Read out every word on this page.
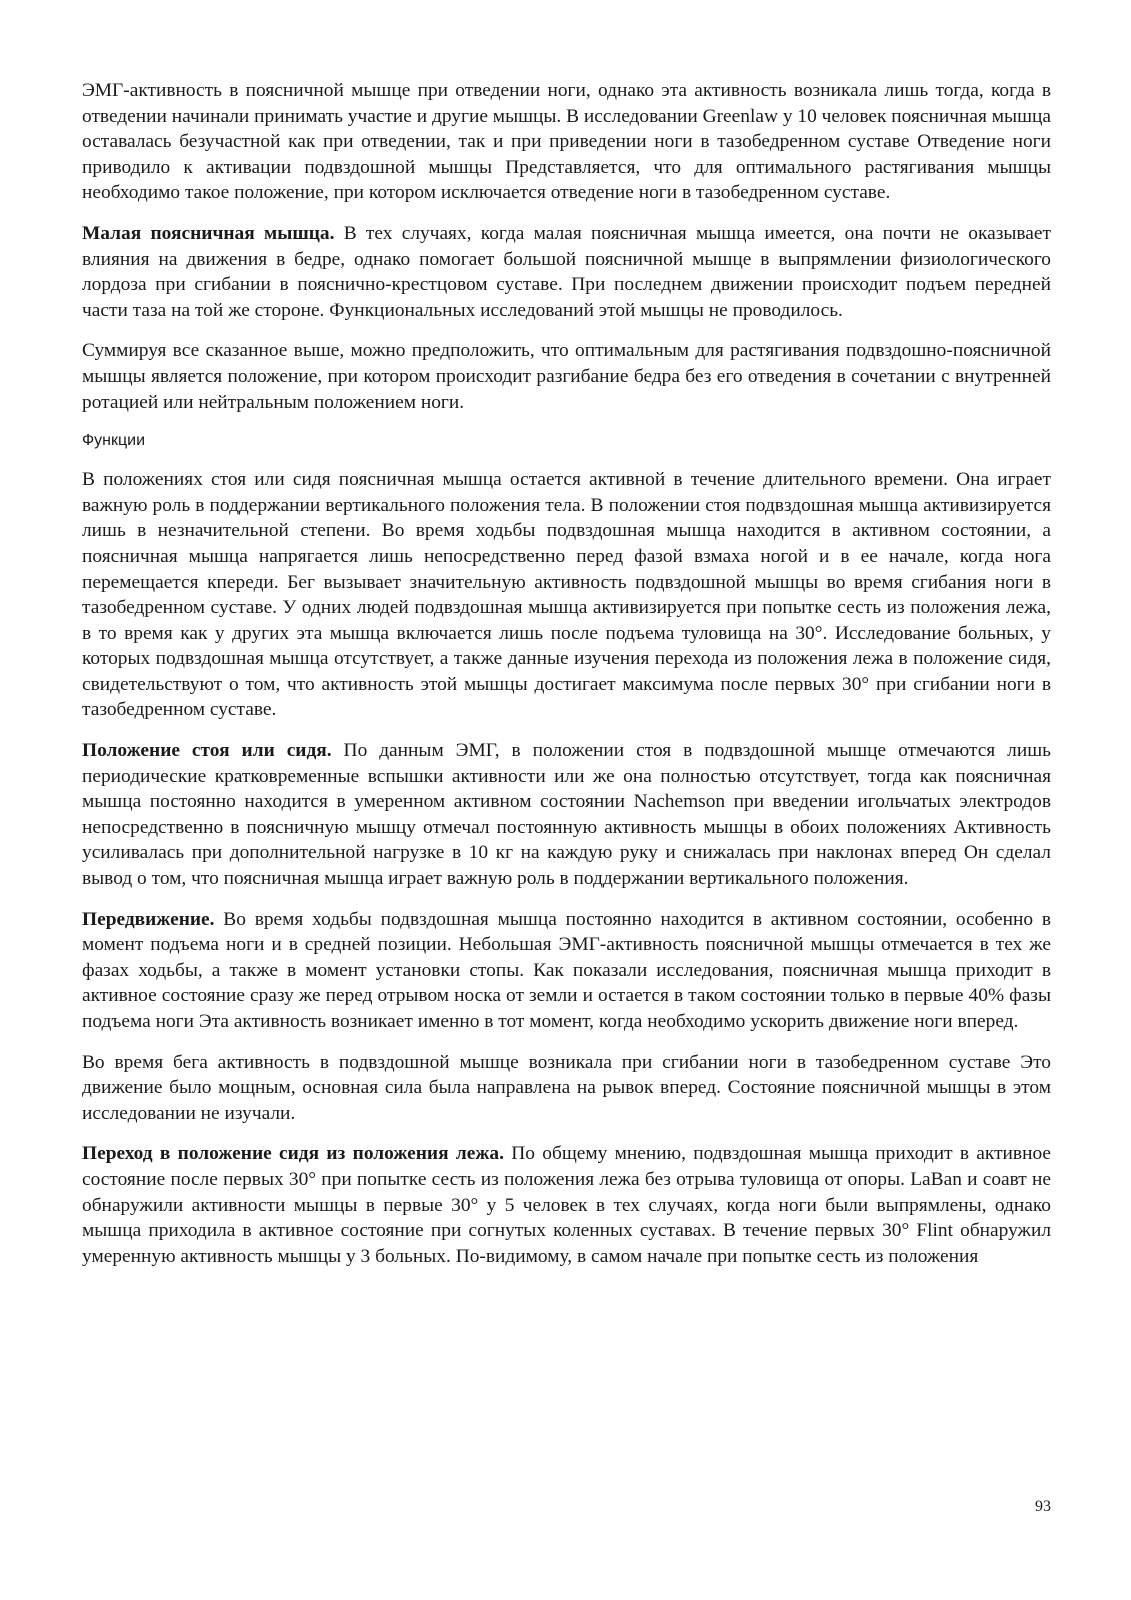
ЭМГ-активность в поясничной мышце при отведении ноги, однако эта активность возникала лишь тогда, когда в отведении начинали принимать участие и другие мышцы. В исследовании Greenlaw у 10 человек поясничная мышца оставалась безучастной как при отведении, так и при приведении ноги в тазобедренном суставе Отведение ноги приводило к активации подвздошной мышцы Представляется, что для оптимального растягивания мышцы необходимо такое положение, при котором исключается отведение ноги в тазобедренном суставе.

Малая поясничная мышца. В тех случаях, когда малая поясничная мышца имеется, она почти не оказывает влияния на движения в бедре, однако помогает большой поясничной мышце в выпрямлении физиологического лордоза при сгибании в пояснично-крестцовом суставе. При последнем движении происходит подъем передней части таза на той же стороне. Функциональных исследований этой мышцы не проводилось.

Суммируя все сказанное выше, можно предположить, что оптимальным для растягивания подвздошно-поясничной мышцы является положение, при котором происходит разгибание бедра без его отведения в сочетании с внутренней ротацией или нейтральным положением ноги.

Функции

В положениях стоя или сидя поясничная мышца остается активной в течение длительного времени. Она играет важную роль в поддержании вертикального положения тела. В положении стоя подвздошная мышца активизируется лишь в незначительной степени. Во время ходьбы подвздошная мышца находится в активном состоянии, а поясничная мышца напрягается лишь непосредственно перед фазой взмаха ногой и в ее начале, когда нога перемещается кпереди. Бег вызывает значительную активность подвздошной мышцы во время сгибания ноги в тазобедренном суставе. У одних людей подвздошная мышца активизируется при попытке сесть из положения лежа, в то время как у других эта мышца включается лишь после подъема туловища на 30°. Исследование больных, у которых подвздошная мышца отсутствует, а также данные изучения перехода из положения лежа в положение сидя, свидетельствуют о том, что активность этой мышцы достигает максимума после первых 30° при сгибании ноги в тазобедренном суставе.

Положение стоя или сидя. По данным ЭМГ, в положении стоя в подвздошной мышце отмечаются лишь периодические кратковременные вспышки активности или же она полностью отсутствует, тогда как поясничная мышца постоянно находится в умеренном активном состоянии Nachemson при введении игольчатых электродов непосредственно в поясничную мышцу отмечал постоянную активность мышцы в обоих положениях Активность усиливалась при дополнительной нагрузке в 10 кг на каждую руку и снижалась при наклонах вперед Он сделал вывод о том, что поясничная мышца играет важную роль в поддержании вертикального положения.

Передвижение. Во время ходьбы подвздошная мышца постоянно находится в активном состоянии, особенно в момент подъема ноги и в средней позиции. Небольшая ЭМГ-активность поясничной мышцы отмечается в тех же фазах ходьбы, а также в момент установки стопы. Как показали исследования, поясничная мышца приходит в активное состояние сразу же перед отрывом носка от земли и остается в таком состоянии только в первые 40% фазы подъема ноги Эта активность возникает именно в тот момент, когда необходимо ускорить движение ноги вперед.

Во время бега активность в подвздошной мышце возникала при сгибании ноги в тазобедренном суставе Это движение было мощным, основная сила была направлена на рывок вперед. Состояние поясничной мышцы в этом исследовании не изучали.

Переход в положение сидя из положения лежа. По общему мнению, подвздошная мышца приходит в активное состояние после первых 30° при попытке сесть из положения лежа без отрыва туловища от опоры. LaBan и соавт не обнаружили активности мышцы в первые 30° у 5 человек в тех случаях, когда ноги были выпрямлены, однако мышца приходила в активное состояние при согнутых коленных суставах. В течение первых 30° Flint обнаружил умеренную активность мышцы у 3 больных. По-видимому, в самом начале при попытке сесть из положения

93
